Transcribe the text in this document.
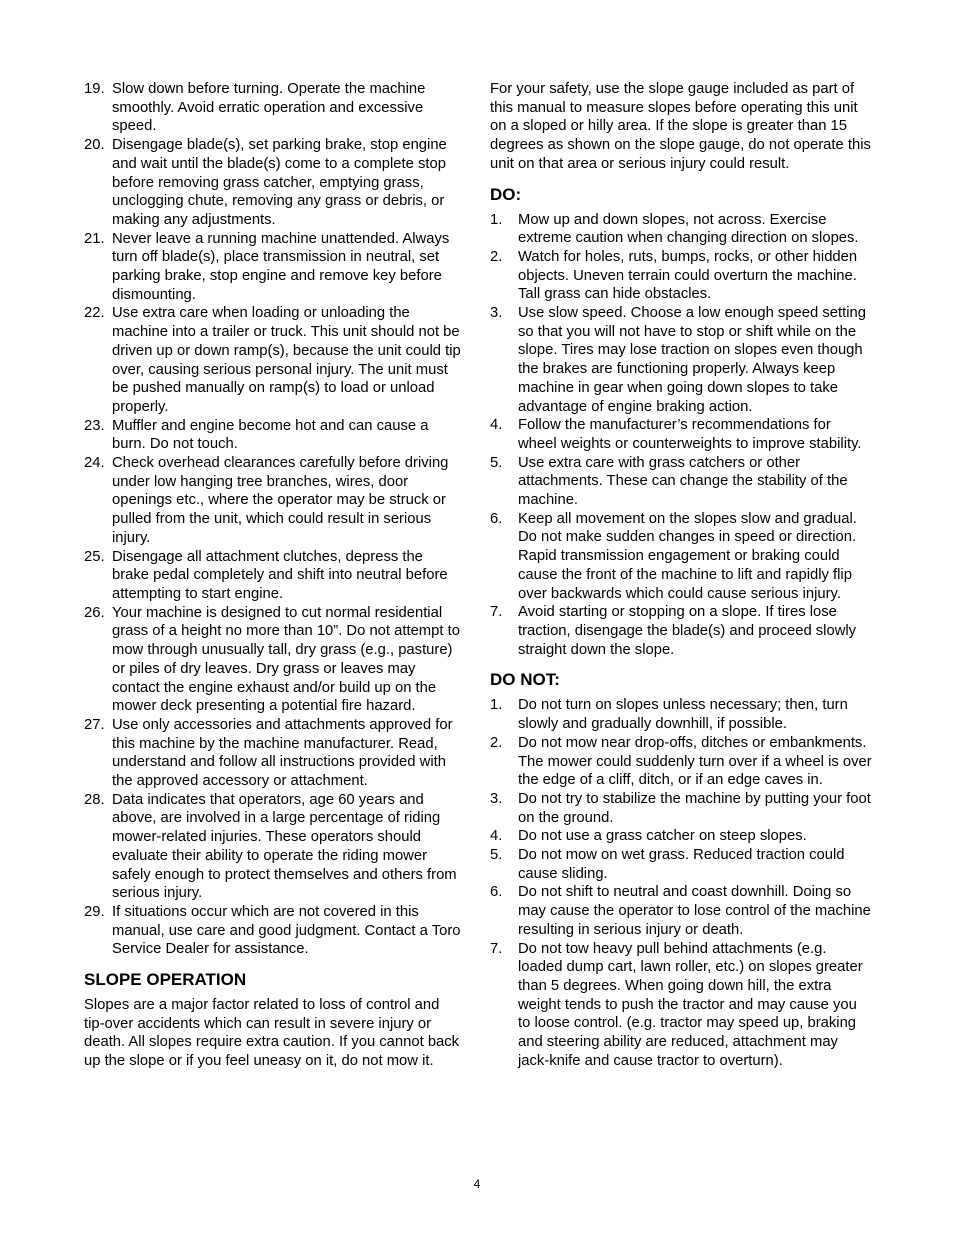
19. Slow down before turning. Operate the machine smoothly. Avoid erratic operation and excessive speed.
20. Disengage blade(s), set parking brake, stop engine and wait until the blade(s) come to a complete stop before removing grass catcher, emptying grass, unclogging chute, removing any grass or debris, or making any adjustments.
21. Never leave a running machine unattended. Always turn off blade(s), place transmission in neutral, set parking brake, stop engine and remove key before dismounting.
22. Use extra care when loading or unloading the machine into a trailer or truck. This unit should not be driven up or down ramp(s), because the unit could tip over, causing serious personal injury. The unit must be pushed manually on ramp(s) to load or unload properly.
23. Muffler and engine become hot and can cause a burn. Do not touch.
24. Check overhead clearances carefully before driving under low hanging tree branches, wires, door openings etc., where the operator may be struck or pulled from the unit, which could result in serious injury.
25. Disengage all attachment clutches, depress the brake pedal completely and shift into neutral before attempting to start engine.
26. Your machine is designed to cut normal residential grass of a height no more than 10”. Do not attempt to mow through unusually tall, dry grass (e.g., pasture) or piles of dry leaves. Dry grass or leaves may contact the engine exhaust and/or build up on the mower deck presenting a potential fire hazard.
27. Use only accessories and attachments approved for this machine by the machine manufacturer. Read, understand and follow all instructions provided with the approved accessory or attachment.
28. Data indicates that operators, age 60 years and above, are involved in a large percentage of riding mower-related injuries. These operators should evaluate their ability to operate the riding mower safely enough to protect themselves and others from serious injury.
29. If situations occur which are not covered in this manual, use care and good judgment. Contact a Toro Service Dealer for assistance.
SLOPE OPERATION

Slopes are a major factor related to loss of control and tip-over accidents which can result in severe injury or death. All slopes require extra caution. If you cannot back up the slope or if you feel uneasy on it, do not mow it.

For your safety, use the slope gauge included as part of this manual to measure slopes before operating this unit on a sloped or hilly area. If the slope is greater than 15 degrees as shown on the slope gauge, do not operate this unit on that area or serious injury could result.

DO:
1. Mow up and down slopes, not across. Exercise extreme caution when changing direction on slopes.
2. Watch for holes, ruts, bumps, rocks, or other hidden objects. Uneven terrain could overturn the machine. Tall grass can hide obstacles.
3. Use slow speed. Choose a low enough speed setting so that you will not have to stop or shift while on the slope. Tires may lose traction on slopes even though the brakes are functioning properly. Always keep machine in gear when going down slopes to take advantage of engine braking action.
4. Follow the manufacturer’s recommendations for wheel weights or counterweights to improve stability.
5. Use extra care with grass catchers or other attachments. These can change the stability of the machine.
6. Keep all movement on the slopes slow and gradual. Do not make sudden changes in speed or direction. Rapid transmission engagement or braking could cause the front of the machine to lift and rapidly flip over backwards which could cause serious injury.
7. Avoid starting or stopping on a slope. If tires lose traction, disengage the blade(s) and proceed slowly straight down the slope.
DO NOT:
1. Do not turn on slopes unless necessary; then, turn slowly and gradually downhill, if possible.
2. Do not mow near drop-offs, ditches or embankments. The mower could suddenly turn over if a wheel is over the edge of a cliff, ditch, or if an edge caves in.
3. Do not try to stabilize the machine by putting your foot on the ground.
4. Do not use a grass catcher on steep slopes.
5. Do not mow on wet grass. Reduced traction could cause sliding.
6. Do not shift to neutral and coast downhill. Doing so may cause the operator to lose control of the machine resulting in serious injury or death.
7. Do not tow heavy pull behind attachments (e.g. loaded dump cart, lawn roller, etc.) on slopes greater than 5 degrees. When going down hill, the extra weight tends to push the tractor and may cause you to loose control. (e.g. tractor may speed up, braking and steering ability are reduced, attachment may jack-knife and cause tractor to overturn).
4
